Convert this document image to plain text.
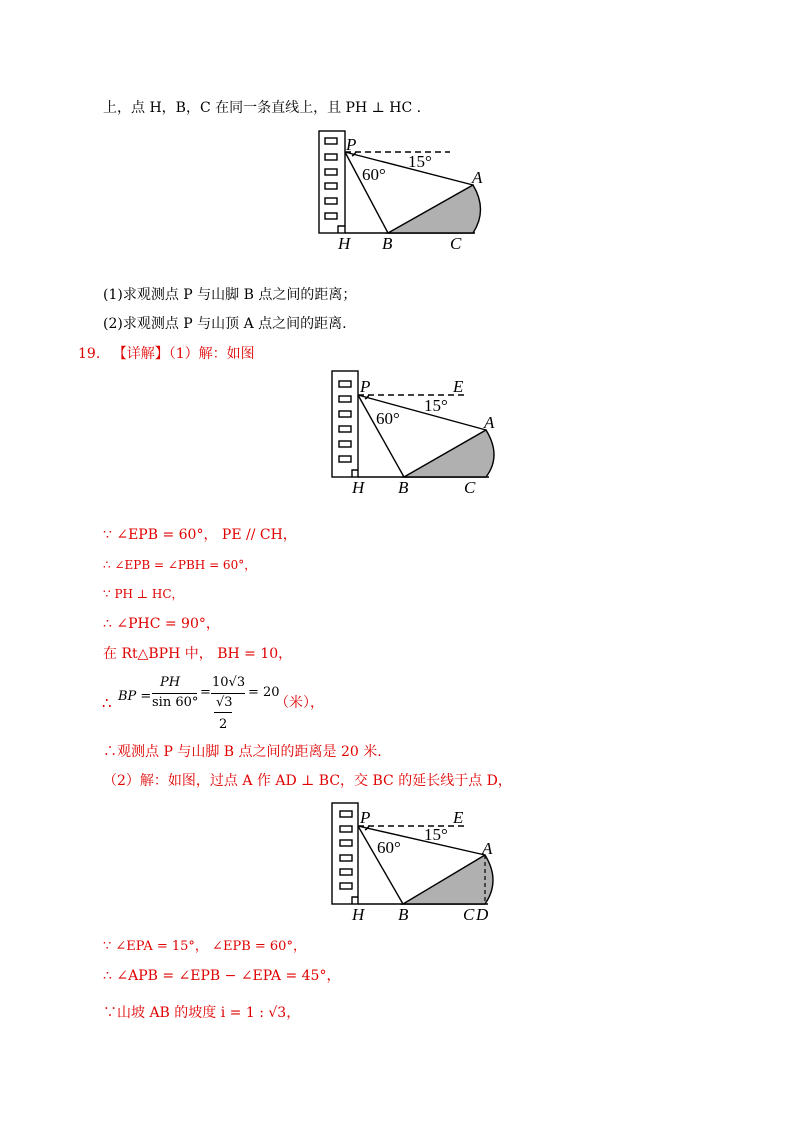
上，点 H，B，C 在同一条直线上，且 PH ⊥ HC .
P
60°
15°
A
H B	C
(1)求观测点 P 与山脚 B 点之间的距离；
(2)求观测点 P 与山顶 A 点之间的距离.
19. 【详解】（1）解：如图
P	E
60°
15°
A
H B	C
∵ ∠EPB = 60°， PE // CH，
∴ ∠EPB = ∠PBH = 60°，
∵ PH ⊥ HC，
∴ ∠PHC = 90°，
在 Rt△BPH 中， BH = 10，
∴ BP =
PH
sin 60°
=
10√3
√3
2
= 20
（米），
∴观测点 P 与山脚 B 点之间的距离是 20 米.
（2）解：如图，过点 A 作 AD ⊥ BC，交 BC 的延长线于点 D，
P	E
60°
15°
A
H B	C D
∵ ∠EPA = 15°， ∠EPB = 60°，
∴ ∠APB = ∠EPB − ∠EPA = 45°，
∵山坡 AB 的坡度 i = 1 : √3，
